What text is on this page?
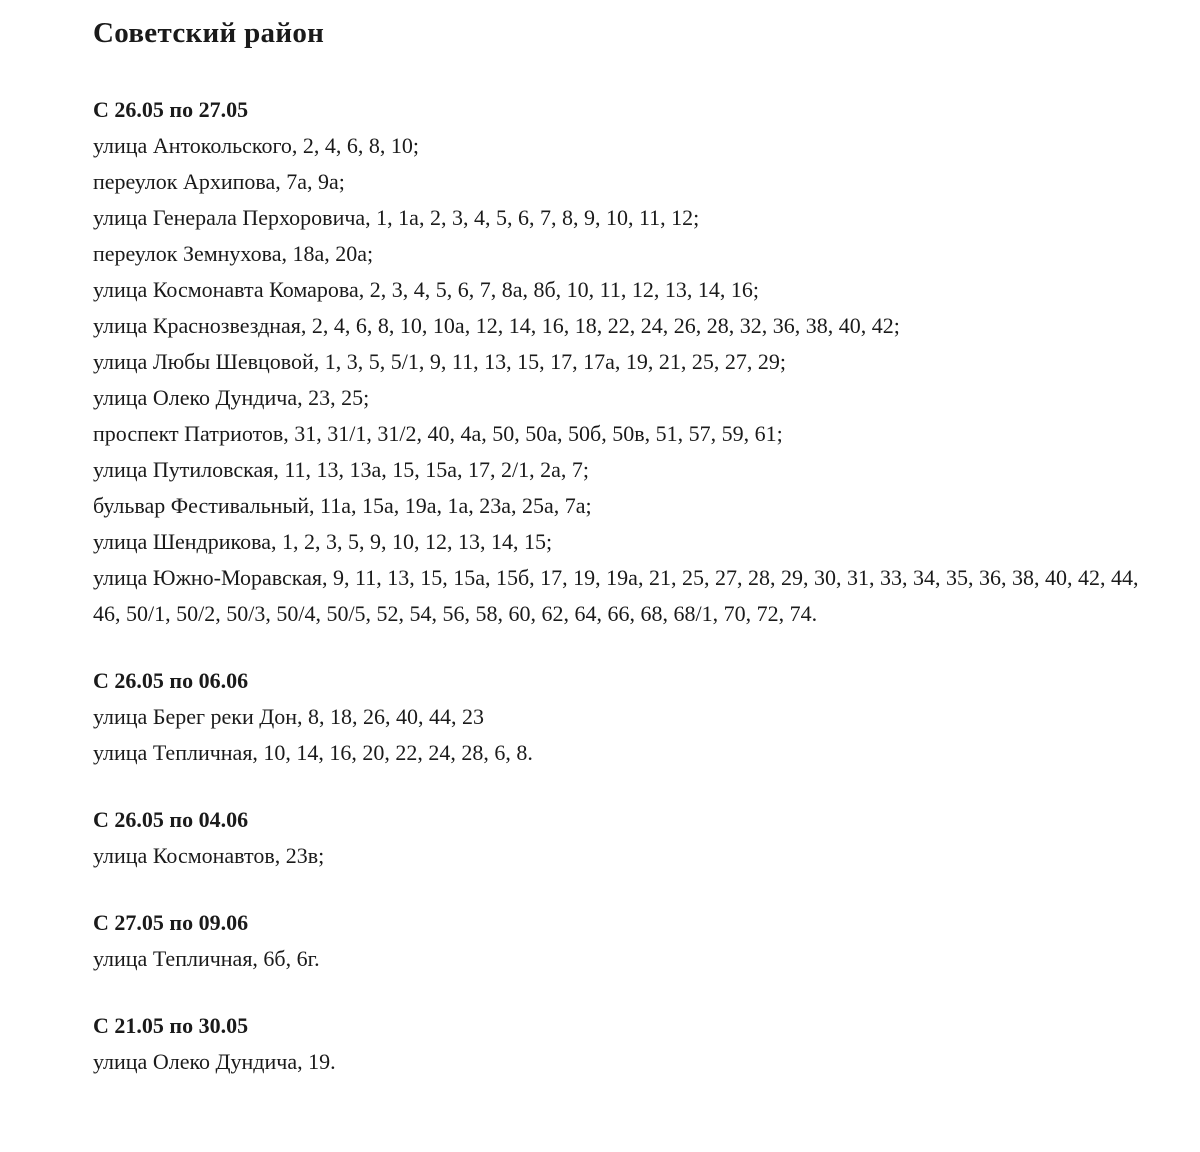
Советский район
С 26.05 по 27.05
улица Антокольского, 2, 4, 6, 8, 10;
переулок Архипова, 7а, 9а;
улица Генерала Перхоровича, 1, 1а, 2, 3, 4, 5, 6, 7, 8, 9, 10, 11, 12;
переулок Земнухова, 18а, 20а;
улица Космонавта Комарова, 2, 3, 4, 5, 6, 7, 8а, 8б, 10, 11, 12, 13, 14, 16;
улица Краснозвездная, 2, 4, 6, 8, 10, 10а, 12, 14, 16, 18, 22, 24, 26, 28, 32, 36, 38, 40, 42;
улица Любы Шевцовой, 1, 3, 5, 5/1, 9, 11, 13, 15, 17, 17а, 19, 21, 25, 27, 29;
улица Олеко Дундича, 23, 25;
проспект Патриотов, 31, 31/1, 31/2, 40, 4а, 50, 50а, 50б, 50в, 51, 57, 59, 61;
улица Путиловская, 11, 13, 13а, 15, 15а, 17, 2/1, 2а, 7;
бульвар Фестивальный, 11а, 15а, 19а, 1а, 23а, 25а, 7а;
улица Шендрикова, 1, 2, 3, 5, 9, 10, 12, 13, 14, 15;
улица Южно-Моравская, 9, 11, 13, 15, 15а, 15б, 17, 19, 19а, 21, 25, 27, 28, 29, 30, 31, 33, 34, 35, 36, 38, 40, 42, 44, 46, 50/1, 50/2, 50/3, 50/4, 50/5, 52, 54, 56, 58, 60, 62, 64, 66, 68, 68/1, 70, 72, 74.
С 26.05 по 06.06
улица Берег реки Дон, 8, 18, 26, 40, 44, 23
улица Тепличная, 10, 14, 16, 20, 22, 24, 28, 6, 8.
С 26.05 по 04.06
улица Космонавтов, 23в;
С 27.05 по 09.06
улица Тепличная, 6б, 6г.
С 21.05 по 30.05
улица Олеко Дундича, 19.
